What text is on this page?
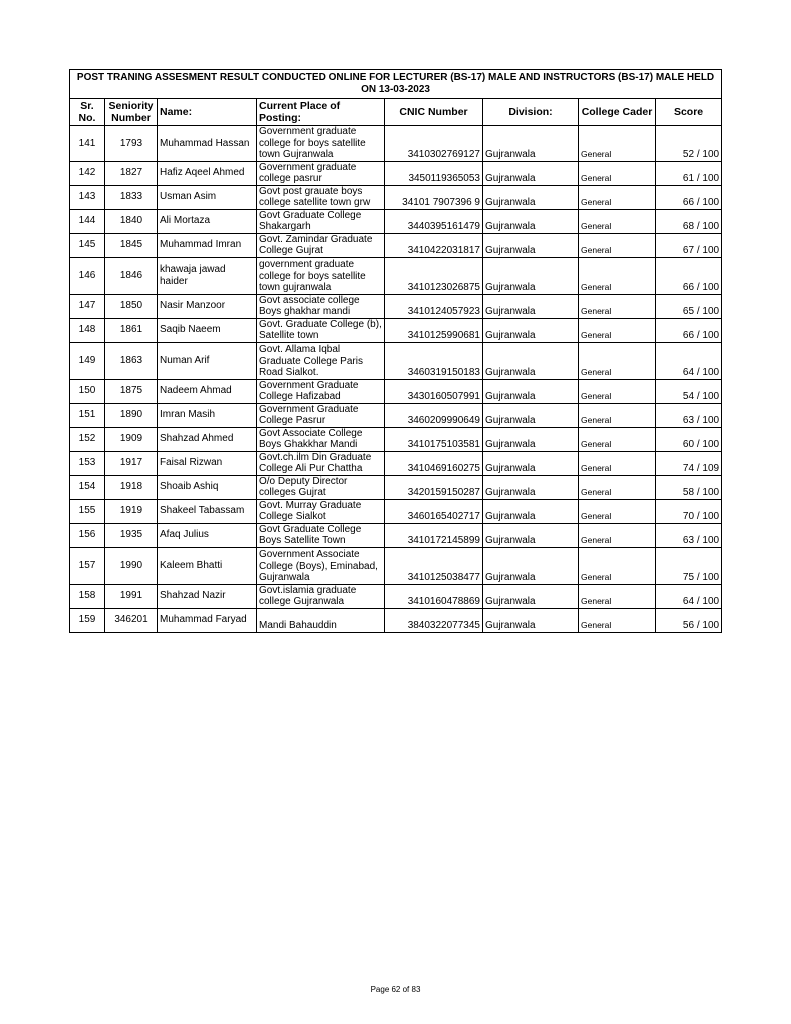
POST TRANING ASSESMENT RESULT CONDUCTED ONLINE FOR LECTURER (BS-17) MALE AND INSTRUCTORS (BS-17) MALE HELD ON 13-03-2023							
Sr. No.	Seniority Number	Name:	Current Place of Posting:	CNIC Number	Division:	College Cader	Score
141	1793	Muhammad Hassan	Government graduate college for boys satellite town Gujranwala	3410302769127	Gujranwala	General	52 / 100
142	1827	Hafiz Aqeel Ahmed	Government graduate college pasrur	3450119365053	Gujranwala	General	61 / 100
143	1833	Usman Asim	Govt post grauate boys college satellite town grw	34101 7907396 9	Gujranwala	General	66 / 100
144	1840	Ali Mortaza	Govt Graduate College Shakargarh	3440395161479	Gujranwala	General	68 / 100
145	1845	Muhammad Imran	Govt. Zamindar Graduate College Gujrat	3410422031817	Gujranwala	General	67 / 100
146	1846	khawaja jawad haider	government graduate college for boys satellite town gujranwala	3410123026875	Gujranwala	General	66 / 100
147	1850	Nasir Manzoor	Govt associate college Boys ghakhar mandi	3410124057923	Gujranwala	General	65 / 100
148	1861	Saqib Naeem	Govt. Graduate College (b), Satellite town	3410125990681	Gujranwala	General	66 / 100
149	1863	Numan Arif	Govt. Allama Iqbal Graduate College Paris Road Sialkot.	3460319150183	Gujranwala	General	64 / 100
150	1875	Nadeem Ahmad	Government Graduate College Hafizabad	3430160507991	Gujranwala	General	54 / 100
151	1890	Imran Masih	Government Graduate College Pasrur	3460209990649	Gujranwala	General	63 / 100
152	1909	Shahzad Ahmed	Govt Associate College Boys Ghakkhar Mandi	3410175103581	Gujranwala	General	60 / 100
153	1917	Faisal Rizwan	Govt.ch.ilm Din Graduate College Ali Pur Chattha	3410469160275	Gujranwala	General	74 / 109
154	1918	Shoaib Ashiq	O/o Deputy Director colleges Gujrat	3420159150287	Gujranwala	General	58 / 100
155	1919	Shakeel Tabassam	Govt. Murray Graduate College Sialkot	3460165402717	Gujranwala	General	70 / 100
156	1935	Afaq Julius	Govt Graduate College Boys Satellite Town	3410172145899	Gujranwala	General	63 / 100
157	1990	Kaleem Bhatti	Government Associate College (Boys), Eminabad, Gujranwala	3410125038477	Gujranwala	General	75 / 100
158	1991	Shahzad Nazir	Govt.islamia graduate college Gujranwala	3410160478869	Gujranwala	General	64 / 100
159	346201	Muhammad Faryad	Mandi Bahauddin	3840322077345	Gujranwala	General	56 / 100
Page 62 of 83
